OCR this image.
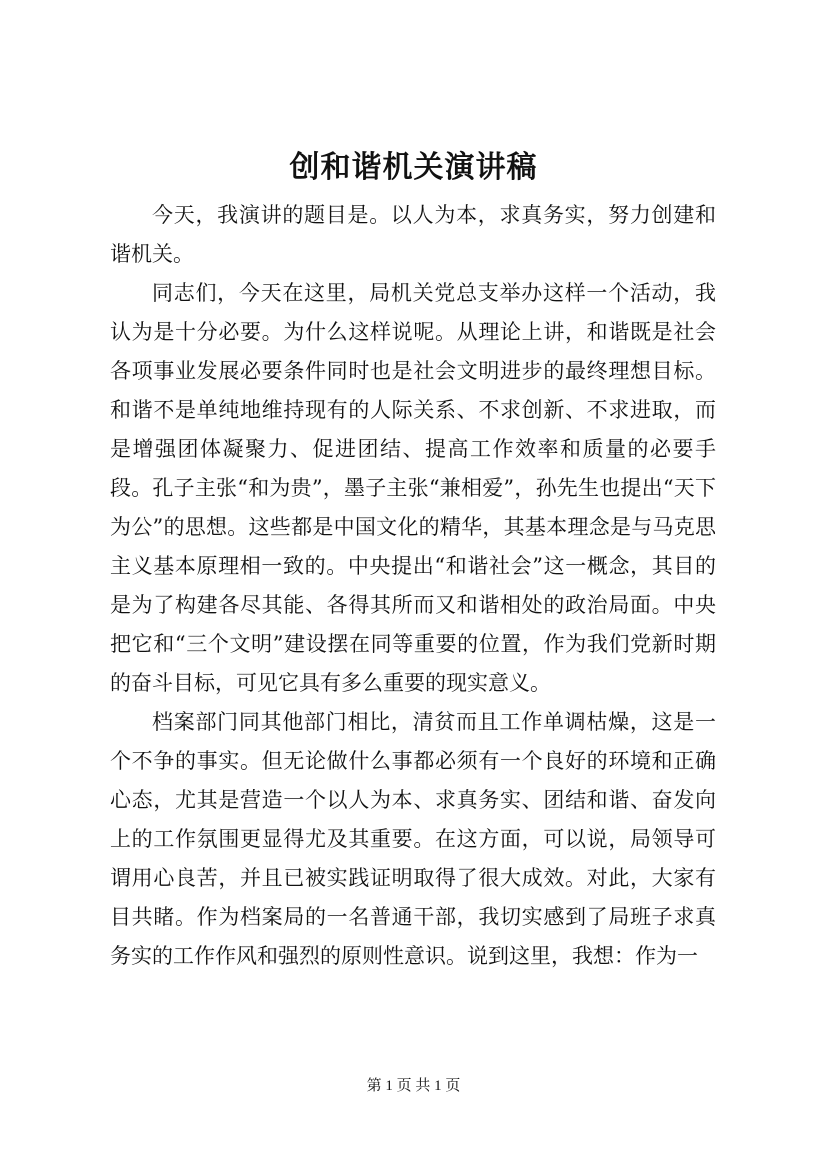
创和谐机关演讲稿

今天，我演讲的题目是。以人为本，求真务实，努力创建和谐机关。

同志们，今天在这里，局机关党总支举办这样一个活动，我认为是十分必要。为什么这样说呢。从理论上讲，和谐既是社会各项事业发展必要条件同时也是社会文明进步的最终理想目标。和谐不是单纯地维持现有的人际关系、不求创新、不求进取，而是增强团体凝聚力、促进团结、提高工作效率和质量的必要手段。孔子主张“和为贵”，墨子主张“兼相爱”，孙先生也提出“天下为公”的思想。这些都是中国文化的精华，其基本理念是与马克思主义基本原理相一致的。中央提出“和谐社会”这一概念，其目的是为了构建各尽其能、各得其所而又和谐相处的政治局面。中央把它和“三个文明”建设摆在同等重要的位置，作为我们党新时期的奋斗目标，可见它具有多么重要的现实意义。

档案部门同其他部门相比，清贫而且工作单调枯燥，这是一个不争的事实。但无论做什么事都必须有一个良好的环境和正确心态，尤其是营造一个以人为本、求真务实、团结和谐、奋发向上的工作氛围更显得尤及其重要。在这方面，可以说，局领导可谓用心良苦，并且已被实践证明取得了很大成效。对此，大家有目共睹。作为档案局的一名普通干部，我切实感到了局班子求真务实的工作作风和强烈的原则性意识。说到这里，我想：作为一

第 1 页 共 1 页
